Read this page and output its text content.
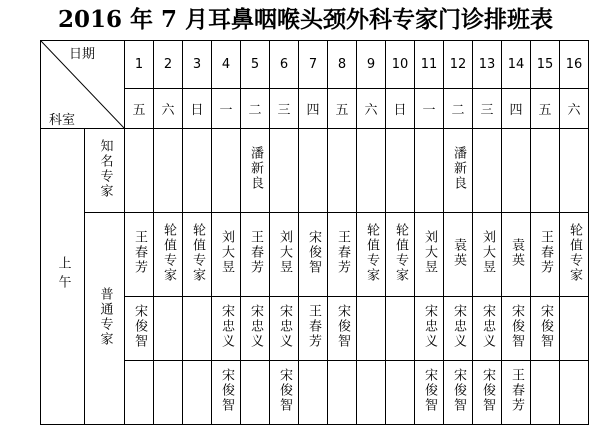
2016 年 7 月耳鼻咽喉头颈外科专家门诊排班表
日期
科室		1	2	3	4	5	6	7	8	9	10	11	12	13	14	15	16
		五	六	日	一	二	三	四	五	六	日	一	二	三	四	五	六
上午	知名专家					潘新良							潘新良				
	普通专家	王春芳	轮值专家	轮值专家	刘大昱	王春芳	刘大昱	宋俊智	王春芳	轮值专家	轮值专家	刘大昱	袁英	刘大昱	袁英	王春芳	轮值专家
		宋俊智			宋忠义	宋忠义	宋忠义	王春芳	宋俊智			宋忠义	宋忠义	宋忠义	宋俊智	宋俊智	
					宋俊智		宋俊智					宋俊智	宋俊智	宋俊智	王春芳		
